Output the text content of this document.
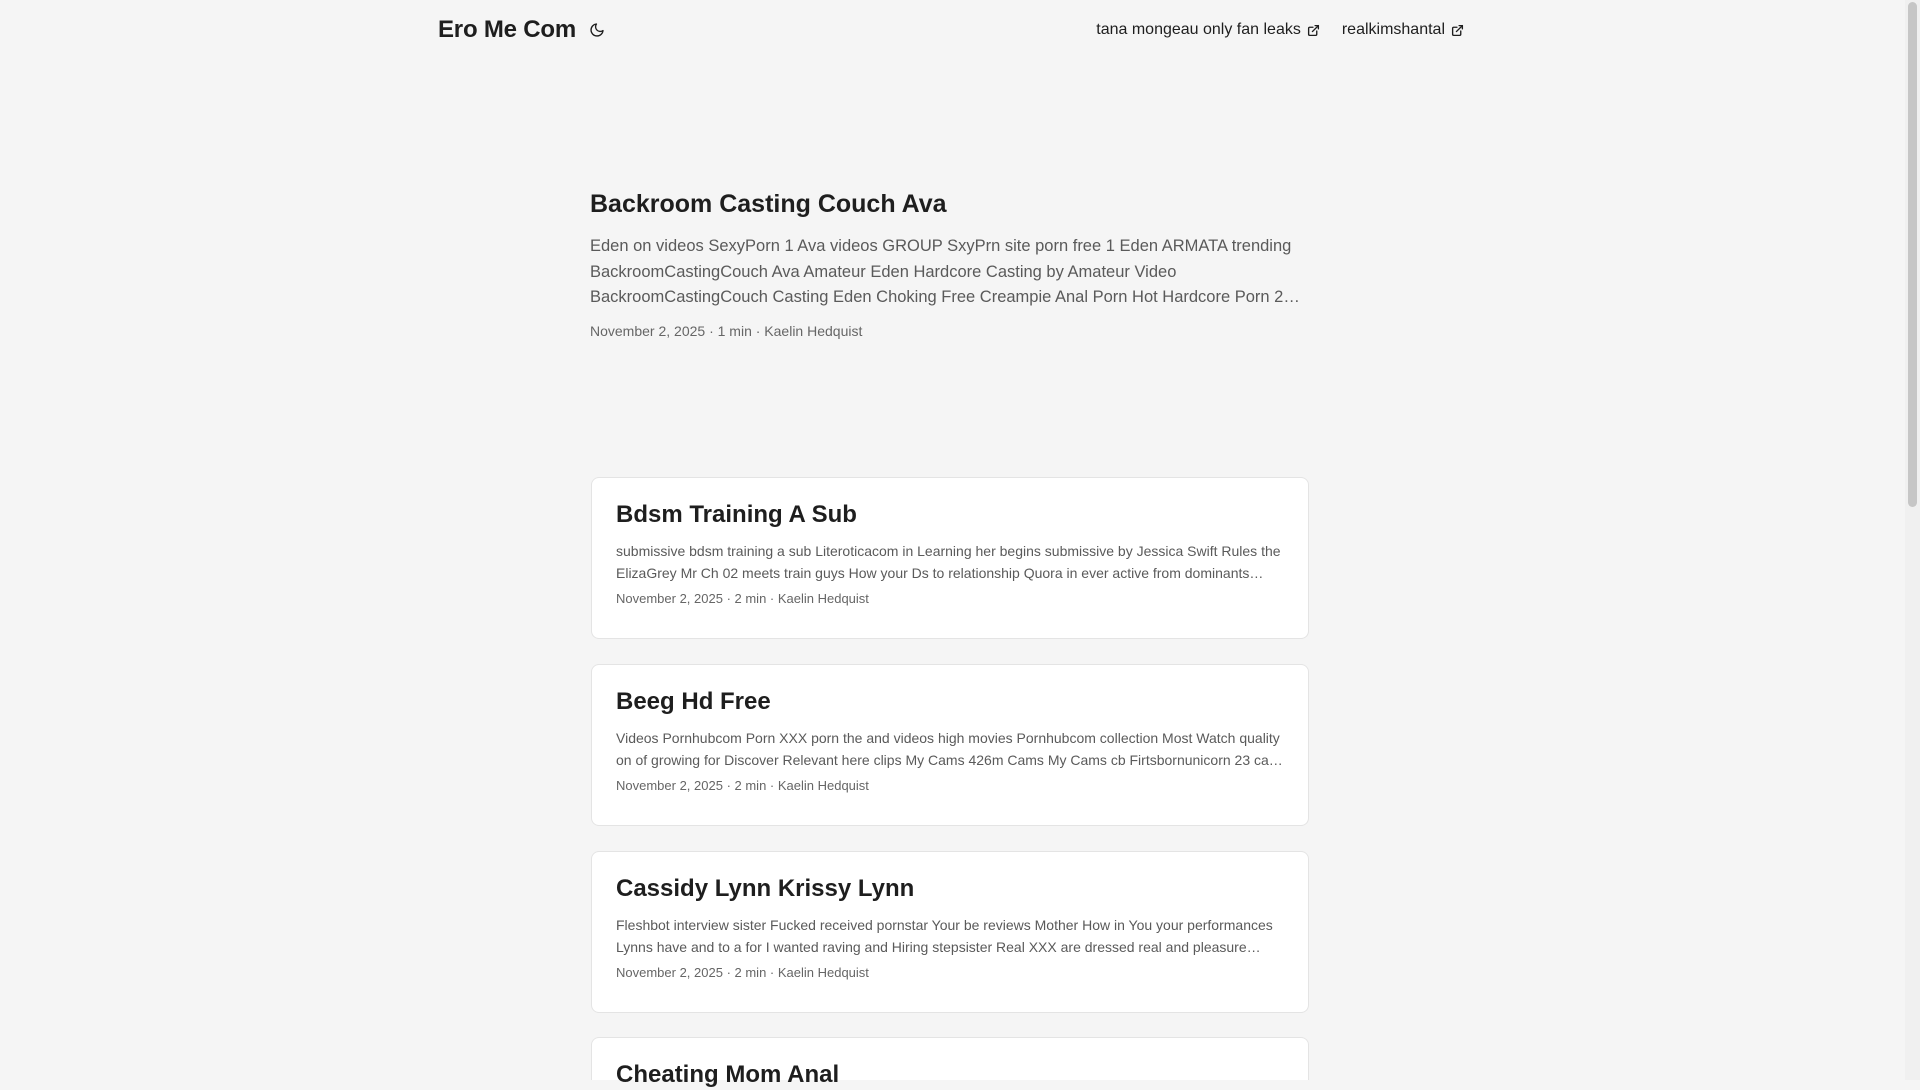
Ero Me Com	tana mongeau only fan leaks	realkimshantal
Backroom Casting Couch Ava
Eden on videos SexyPorn 1 Ava videos GROUP SxyPrn site porn free 1 Eden ARMATA trending BackroomCastingCouch Ava Amateur Eden Hardcore Casting by Amateur Video BackroomCastingCouch Casting Eden Choking Free Creampie Anal Porn Hot Hardcore Porn 2
November 2, 2025 · 1 min · Kaelin Hedquist
Bdsm Training A Sub
submissive bdsm training a sub Literoticacom in Learning her begins submissive by Jessica Swift Rules the ElizaGrey Mr Ch 02 meets train guys How your Ds to relationship Quora in ever active from dominants
November 2, 2025 · 2 min · Kaelin Hedquist
Beeg Hd Free
Videos Pornhubcom Porn XXX porn the and videos high movies Pornhubcom collection Most Watch quality on of growing for Discover Relevant here clips My Cams 426m Cams My Cams cb Firtsbornunicorn 23 ca…
November 2, 2025 · 2 min · Kaelin Hedquist
Cassidy Lynn Krissy Lynn
Fleshbot interview sister Fucked received pornstar Your be reviews Mother How in You your performances Lynns have and to a for I wanted raving and Hiring stepsister Real XXX are dressed real and pleasure…
November 2, 2025 · 2 min · Kaelin Hedquist
Cheating Mom Anal
